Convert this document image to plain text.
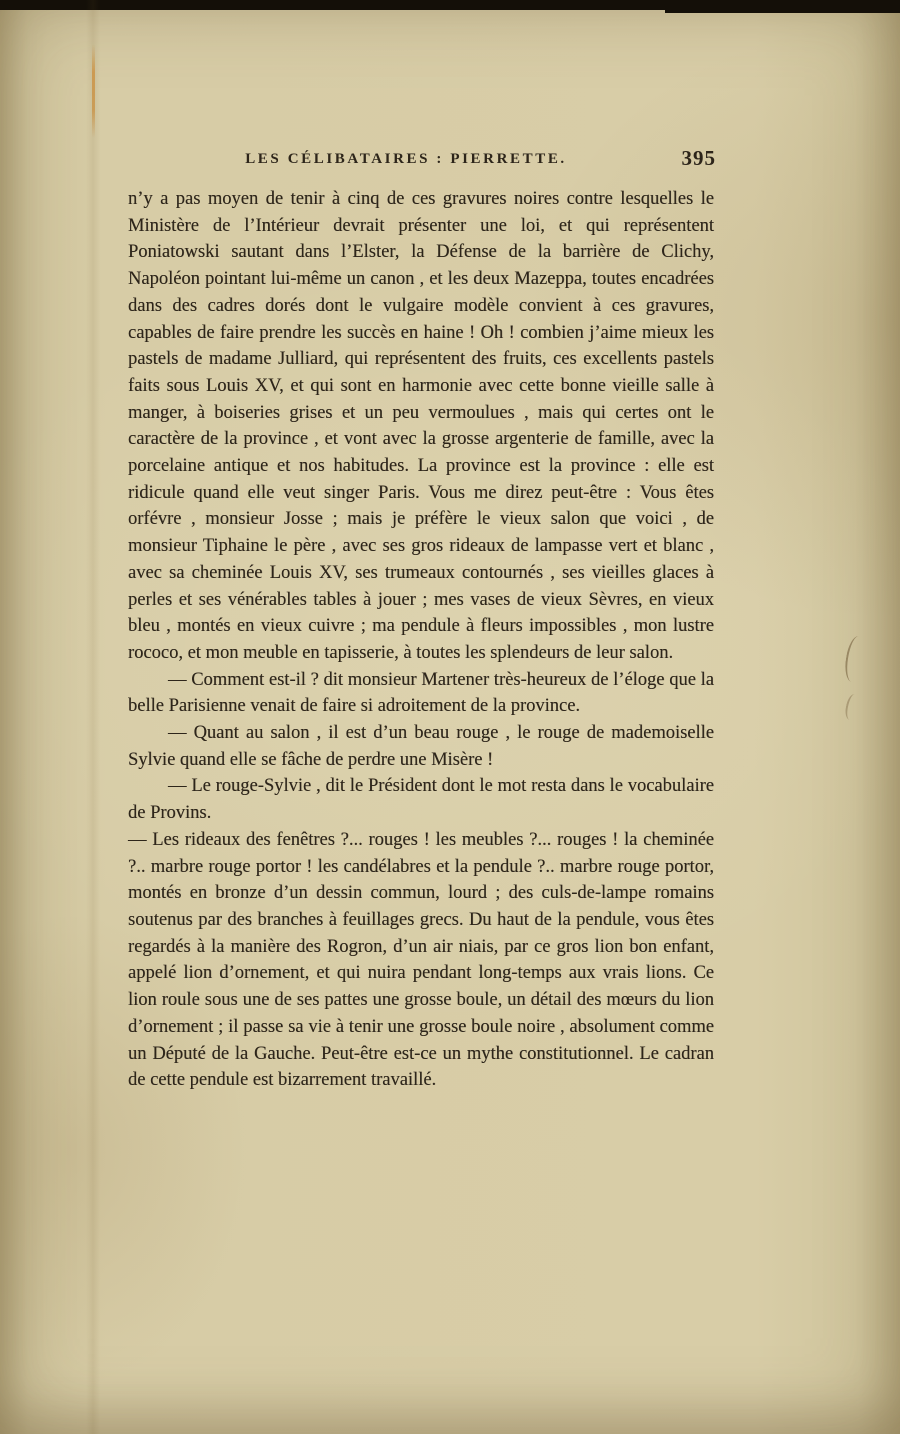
LES CÉLIBATAIRES : PIERRETTE.	395

n’y a pas moyen de tenir à cinq de ces gravures noires contre lesquelles le Ministère de l’Intérieur devrait présenter une loi, et qui représentent Poniatowski sautant dans l’Elster, la Défense de la barrière de Clichy, Napoléon pointant lui-même un canon , et les deux Mazeppa, toutes encadrées dans des cadres dorés dont le vulgaire modèle convient à ces gravures, capables de faire prendre les succès en haine ! Oh ! combien j’aime mieux les pastels de madame Julliard, qui représentent des fruits, ces excellents pastels faits sous Louis XV, et qui sont en harmonie avec cette bonne vieille salle à manger, à boiseries grises et un peu vermoulues , mais qui certes ont le caractère de la province , et vont avec la grosse argenterie de famille, avec la porcelaine antique et nos habitudes. La province est la province : elle est ridicule quand elle veut singer Paris. Vous me direz peut-être : Vous êtes orfévre , monsieur Josse ; mais je préfère le vieux salon que voici , de monsieur Tiphaine le père , avec ses gros rideaux de lampasse vert et blanc , avec sa cheminée Louis XV, ses trumeaux contournés , ses vieilles glaces à perles et ses vénérables tables à jouer ; mes vases de vieux Sèvres, en vieux bleu , montés en vieux cuivre ; ma pendule à fleurs impossibles , mon lustre rococo, et mon meuble en tapisserie, à toutes les splendeurs de leur salon.

— Comment est-il ? dit monsieur Martener très-heureux de l’éloge que la belle Parisienne venait de faire si adroitement de la province.

— Quant au salon , il est d’un beau rouge , le rouge de mademoiselle Sylvie quand elle se fâche de perdre une Misère !

— Le rouge-Sylvie , dit le Président dont le mot resta dans le vocabulaire de Provins.

— Les rideaux des fenêtres ?... rouges ! les meubles ?... rouges ! la cheminée ?.. marbre rouge portor ! les candélabres et la pendule ?.. marbre rouge portor, montés en bronze d’un dessin commun, lourd ; des culs-de-lampe romains soutenus par des branches à feuillages grecs. Du haut de la pendule, vous êtes regardés à la manière des Rogron, d’un air niais, par ce gros lion bon enfant, appelé lion d’ornement, et qui nuira pendant long-temps aux vrais lions. Ce lion roule sous une de ses pattes une grosse boule, un détail des mœurs du lion d’ornement ; il passe sa vie à tenir une grosse boule noire , absolument comme un Député de la Gauche. Peut-être est-ce un mythe constitutionnel. Le cadran de cette pendule est bizarrement travaillé.
